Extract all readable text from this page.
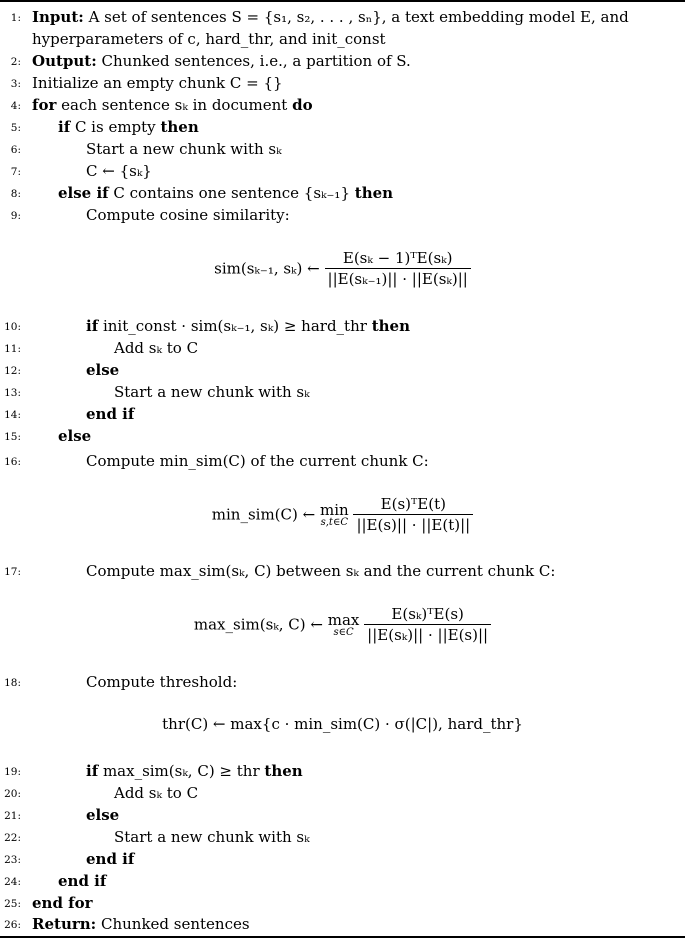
1: Input: A set of sentences S = {s₁, s₂, . . . , sₙ}, a text embedding model E, and
hyperparameters of c, hard_thr, and init_const
2: Output: Chunked sentences, i.e., a partition of S.
3: Initialize an empty chunk C = {}
4: for each sentence sₖ in document do
5: if C is empty then
6:	Start a new chunk with sₖ
7:	C ← {sₖ}
8: else if C contains one sentence {sₖ₋₁} then
9:	Compute cosine similarity:
sim(sₖ₋₁, sₖ) ← $\frac{\text{E(sₖ − 1)ᵀE(sₖ)}}{\text{||E(sₖ₋₁)|| · ||E(sₖ)||}}$
10:	if init_const · sim(sₖ₋₁, sₖ) ≥ hard_thr then
11:	Add sₖ to C
12:	else
13:	Start a new chunk with sₖ
14:	end if
15: else
16:	Compute min_sim(C) of the current chunk C:
min_sim(C) ← min
s,t∈C
$\frac{\text{E(s)ᵀE(t)}}{||E(s)|| \cdot ||E(t)||}$
17:	Compute max_sim(sₖ, C) between sₖ and the current chunk C:
max_sim(sₖ, C) ← max
s∈C
$\frac{\text{E(sₖ)ᵀE(s)}}{\text{||E(sₖ)|| · ||E(s)||}}$
18:	Compute threshold:
thr(C) ← max{c · min_sim(C) · σ(|C|), hard_thr}
19:	if max_sim(sₖ, C) ≥ thr then
20:	Add sₖ to C
21:	else
22:	Start a new chunk with sₖ
23:	end if
24: end if
25: end for
26: Return: Chunked sentences
